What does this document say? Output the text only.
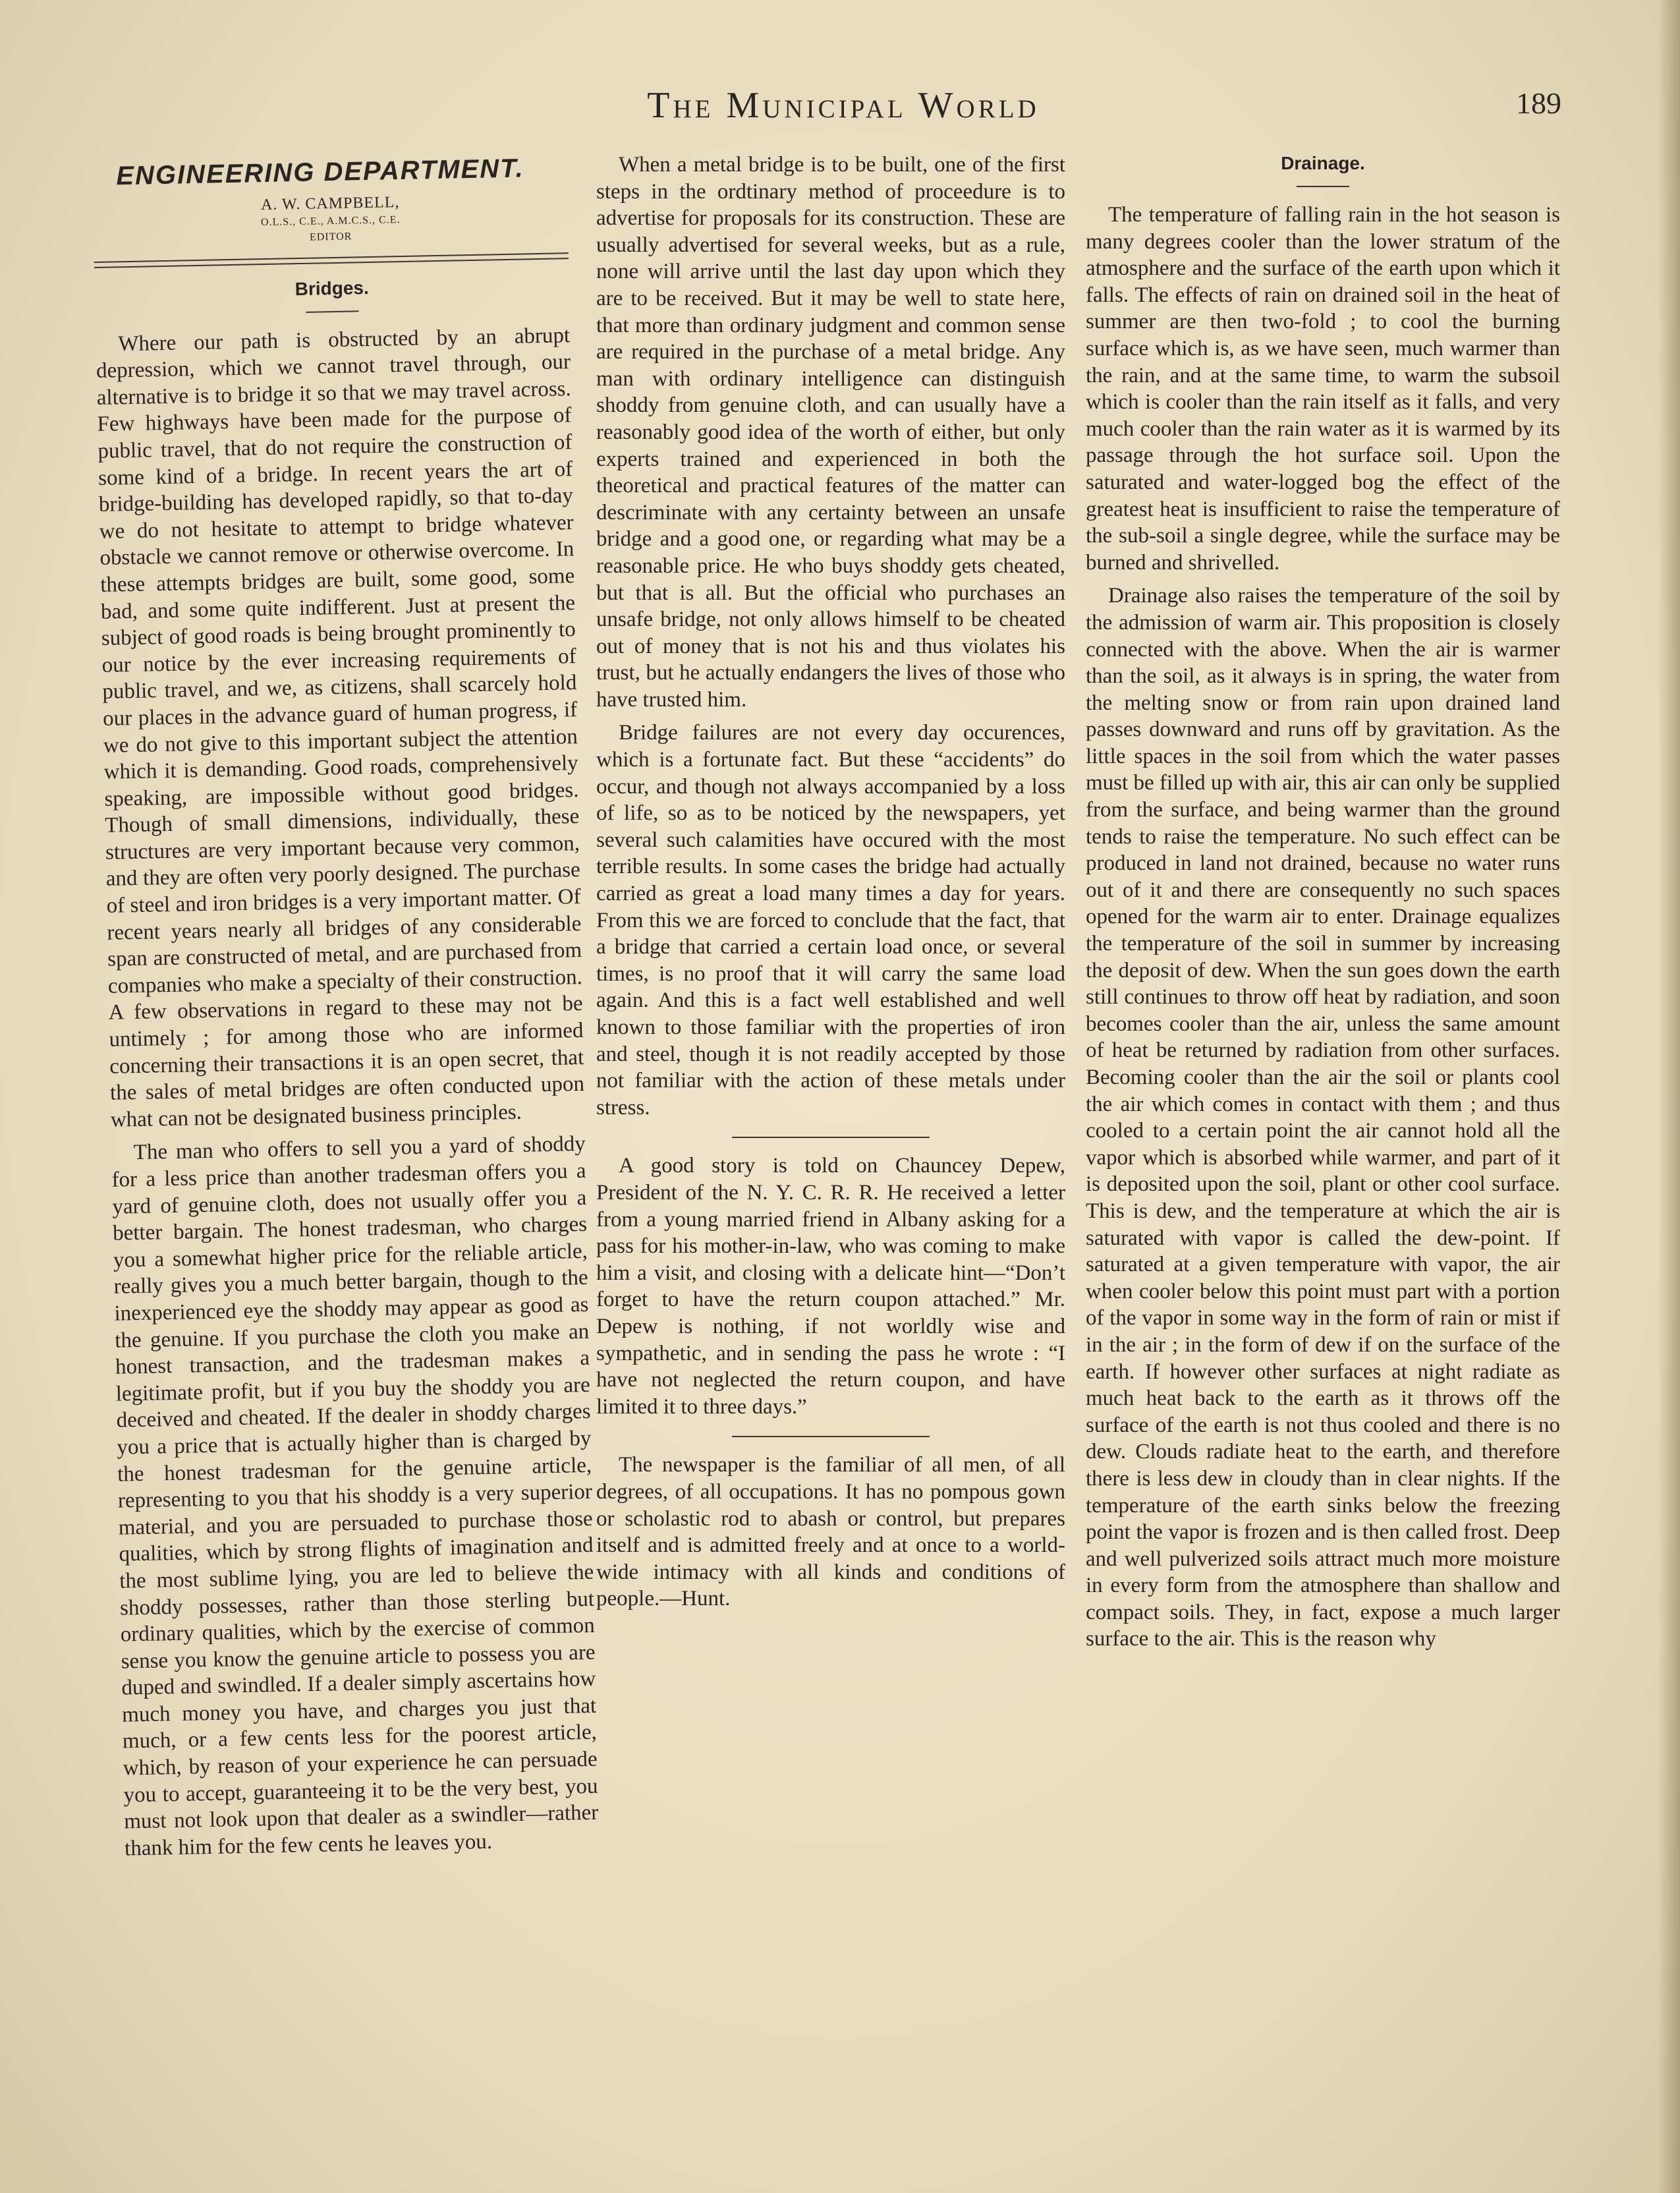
The Municipal World	189
ENGINEERING DEPARTMENT.
A. W. CAMPBELL,
O.L.S., C.E., A.M.C.S., C.E.
EDITOR
Bridges.

Where our path is obstructed by an abrupt depression, which we cannot travel through, our alternative is to bridge it so that we may travel across. Few highways have been made for the purpose of public travel, that do not require the construction of some kind of a bridge. In recent years the art of bridge-building has developed rapidly, so that to-day we do not hesitate to attempt to bridge whatever obstacle we cannot remove or otherwise overcome. In these attempts bridges are built, some good, some bad, and some quite indifferent. Just at present the subject of good roads is being brought prominently to our notice by the ever increasing requirements of public travel, and we, as citizens, shall scarcely hold our places in the advance guard of human progress, if we do not give to this important subject the attention which it is demanding. Good roads, comprehensively speaking, are impossible without good bridges. Though of small dimensions, individually, these structures are very important because very common, and they are often very poorly designed. The purchase of steel and iron bridges is a very important matter. Of recent years nearly all bridges of any considerable span are constructed of metal, and are purchased from companies who make a specialty of their construction. A few observations in regard to these may not be untimely ; for among those who are informed concerning their transactions it is an open secret, that the sales of metal bridges are often conducted upon what can not be designated business principles.

The man who offers to sell you a yard of shoddy for a less price than another tradesman offers you a yard of genuine cloth, does not usually offer you a better bargain. The honest tradesman, who charges you a somewhat higher price for the reliable article, really gives you a much better bargain, though to the inexperienced eye the shoddy may appear as good as the genuine. If you purchase the cloth you make an honest transaction, and the tradesman makes a legitimate profit, but if you buy the shoddy you are deceived and cheated. If the dealer in shoddy charges you a price that is actually higher than is charged by the honest tradesman for the genuine article, representing to you that his shoddy is a very superior material, and you are persuaded to purchase those qualities, which by strong flights of imagination and the most sublime lying, you are led to believe the shoddy possesses, rather than those sterling but ordinary qualities, which by the exercise of common sense you know the genuine article to possess you are duped and swindled. If a dealer simply ascertains how much money you have, and charges you just that much, or a few cents less for the poorest article, which, by reason of your experience he can persuade you to accept, guaranteeing it to be the very best, you must not look upon that dealer as a swindler—rather thank him for the few cents he leaves you.

When a metal bridge is to be built, one of the first steps in the ordtinary method of proceedure is to advertise for proposals for its construction. These are usually advertised for several weeks, but as a rule, none will arrive until the last day upon which they are to be received. But it may be well to state here, that more than ordinary judgment and common sense are required in the purchase of a metal bridge. Any man with ordinary intelligence can distinguish shoddy from genuine cloth, and can usually have a reasonably good idea of the worth of either, but only experts trained and experienced in both the theoretical and practical features of the matter can descriminate with any certainty between an unsafe bridge and a good one, or regarding what may be a reasonable price. He who buys shoddy gets cheated, but that is all. But the official who purchases an unsafe bridge, not only allows himself to be cheated out of money that is not his and thus violates his trust, but he actually endangers the lives of those who have trusted him.

Bridge failures are not every day occurences, which is a fortunate fact. But these “accidents” do occur, and though not always accompanied by a loss of life, so as to be noticed by the newspapers, yet several such calamities have occured with the most terrible results. In some cases the bridge had actually carried as great a load many times a day for years. From this we are forced to conclude that the fact, that a bridge that carried a certain load once, or several times, is no proof that it will carry the same load again. And this is a fact well established and well known to those familiar with the properties of iron and steel, though it is not readily accepted by those not familiar with the action of these metals under stress.

A good story is told on Chauncey Depew, President of the N. Y. C. R. R. He received a letter from a young married friend in Albany asking for a pass for his mother-in-law, who was coming to make him a visit, and closing with a delicate hint—“Don’t forget to have the return coupon attached.” Mr. Depew is nothing, if not worldly wise and sympathetic, and in sending the pass he wrote : “I have not neglected the return coupon, and have limited it to three days.”

The newspaper is the familiar of all men, of all degrees, of all occupations. It has no pompous gown or scholastic rod to abash or control, but prepares itself and is admitted freely and at once to a world-wide intimacy with all kinds and conditions of people.—Hunt.

Drainage.

The temperature of falling rain in the hot season is many degrees cooler than the lower stratum of the atmosphere and the surface of the earth upon which it falls. The effects of rain on drained soil in the heat of summer are then two-fold ; to cool the burning surface which is, as we have seen, much warmer than the rain, and at the same time, to warm the subsoil which is cooler than the rain itself as it falls, and very much cooler than the rain water as it is warmed by its passage through the hot surface soil. Upon the saturated and water-logged bog the effect of the greatest heat is insufficient to raise the temperature of the sub-soil a single degree, while the surface may be burned and shrivelled.

Drainage also raises the temperature of the soil by the admission of warm air. This proposition is closely connected with the above. When the air is warmer than the soil, as it always is in spring, the water from the melting snow or from rain upon drained land passes downward and runs off by gravitation. As the little spaces in the soil from which the water passes must be filled up with air, this air can only be supplied from the surface, and being warmer than the ground tends to raise the temperature. No such effect can be produced in land not drained, because no water runs out of it and there are consequently no such spaces opened for the warm air to enter. Drainage equalizes the temperature of the soil in summer by increasing the deposit of dew. When the sun goes down the earth still continues to throw off heat by radiation, and soon becomes cooler than the air, unless the same amount of heat be returned by radiation from other surfaces. Becoming cooler than the air the soil or plants cool the air which comes in contact with them ; and thus cooled to a certain point the air cannot hold all the vapor which is absorbed while warmer, and part of it is deposited upon the soil, plant or other cool surface. This is dew, and the temperature at which the air is saturated with vapor is called the dew-point. If saturated at a given temperature with vapor, the air when cooler below this point must part with a portion of the vapor in some way in the form of rain or mist if in the air ; in the form of dew if on the surface of the earth. If however other surfaces at night radiate as much heat back to the earth as it throws off the surface of the earth is not thus cooled and there is no dew. Clouds radiate heat to the earth, and therefore there is less dew in cloudy than in clear nights. If the temperature of the earth sinks below the freezing point the vapor is frozen and is then called frost. Deep and well pulverized soils attract much more moisture in every form from the atmosphere than shallow and compact soils. They, in fact, expose a much larger surface to the air. This is the reason why
